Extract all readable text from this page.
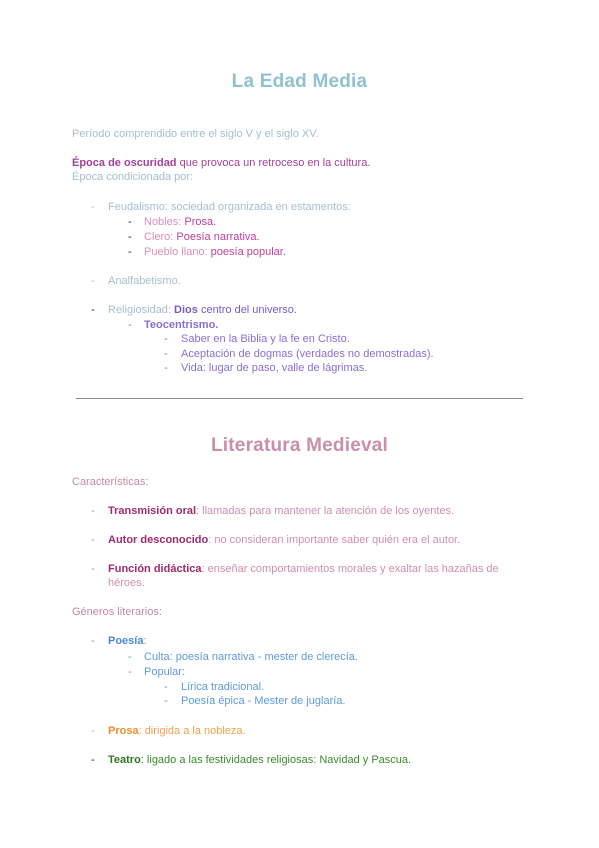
La Edad Media
Período comprendido entre el siglo V y el siglo XV.
Época de oscuridad que provoca un retroceso en la cultura.
Época condicionada por:
- Feudalismo: sociedad organizada en estamentos:
- Nobles: Prosa.
- Clero: Poesía narrativa.
- Pueblo llano: poesía popular.
- Analfabetismo.
- Religiosidad: Dios centro del universo.
- Teocentrismo.
- Saber en la Biblia y la fe en Cristo.
- Aceptación de dogmas (verdades no demostradas).
- Vida: lugar de paso, valle de lágrimas.
Literatura Medieval
Características:
- Transmisión oral: llamadas para mantener la atención de los oyentes.
- Autor desconocido: no consideran importante saber quién era el autor.
- Función didáctica: enseñar comportamientos morales y exaltar las hazañas de
héroes.
Géneros literarios:
- Poesía:
- Culta: poesía narrativa - mester de clerecía.
- Popular:
- Lírica tradicional.
- Poesía épica - Mester de juglaría.
- Prosa: dirigida a la nobleza.
- Teatro: ligado a las festividades religiosas: Navidad y Pascua.
